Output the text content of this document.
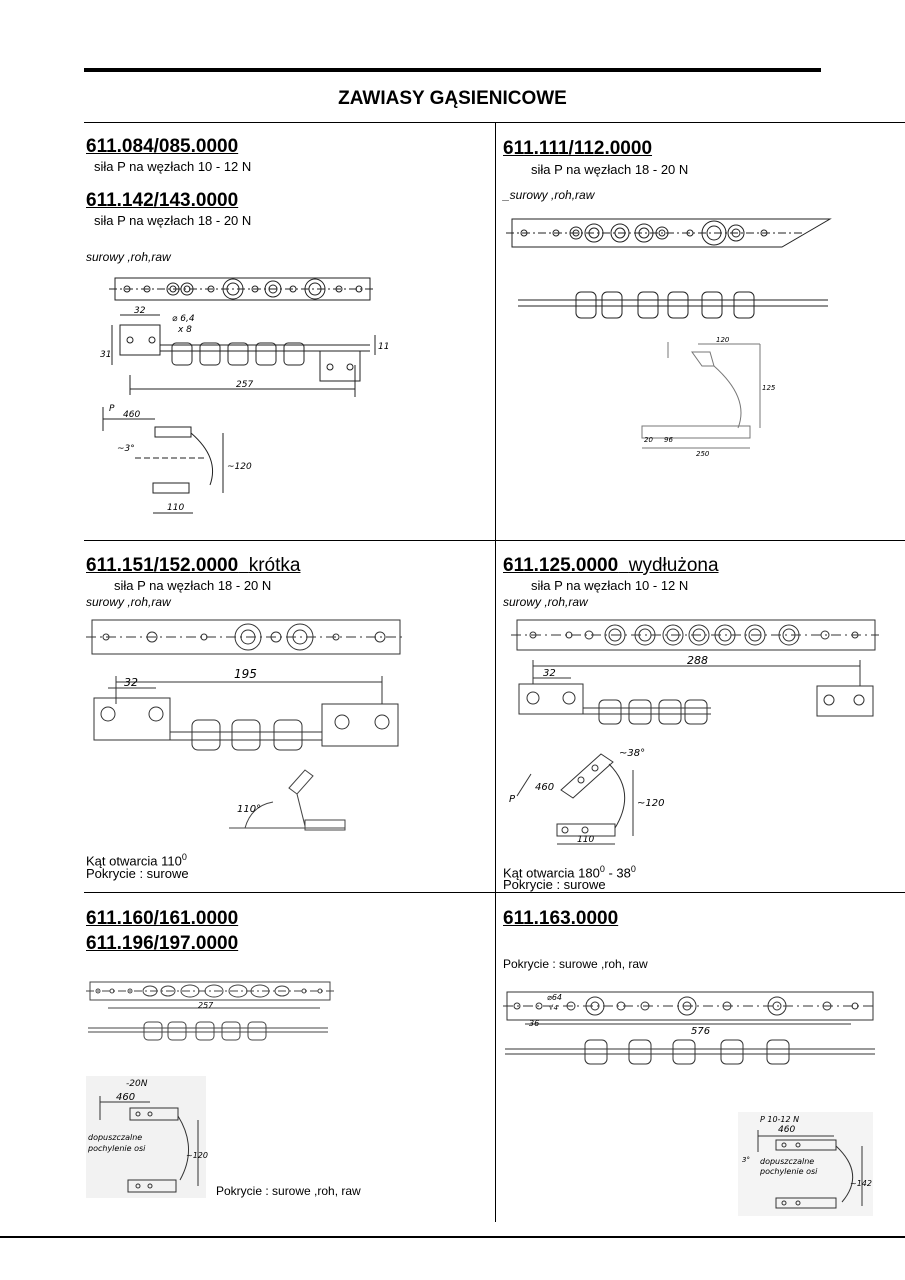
ZAWIASY GĄSIENICOWE
611.084/085.0000
siła P na węzłach 10 - 12 N
611.142/143.0000
siła P na węzłach 18 - 20 N
surowy ,roh,raw
32
⌀ 6,4
x 8
31
11
257
P
460
~3°
~120
110
611.111/112.0000
siła P na węzłach 18 - 20 N
_surowy ,roh,raw
120
125
96
250
20
611.151/152.0000 krótka
siła P na węzłach 18 - 20 N
surowy ,roh,raw
195
32
110°
Kąt otwarcia $110^0$
Pokrycie : surowe
611.125.0000 wydłużona
siła P na węzłach 10 - 12 N
surowy ,roh,raw
288
32
P
460
~38°
~120
110
Kąt otwarcia $180^0 - 38^0$
Pokrycie : surowe
611.160/161.0000
611.196/197.0000
257
-20N
460
dopuszczalne
pochylenie osi
~120
Pokrycie : surowe ,roh, raw
611.163.0000
Pokrycie : surowe ,roh, raw
⌀64
√4
36
576
P 10-12 N
460
3° dopuszczalne
pochylenie osi
~142
